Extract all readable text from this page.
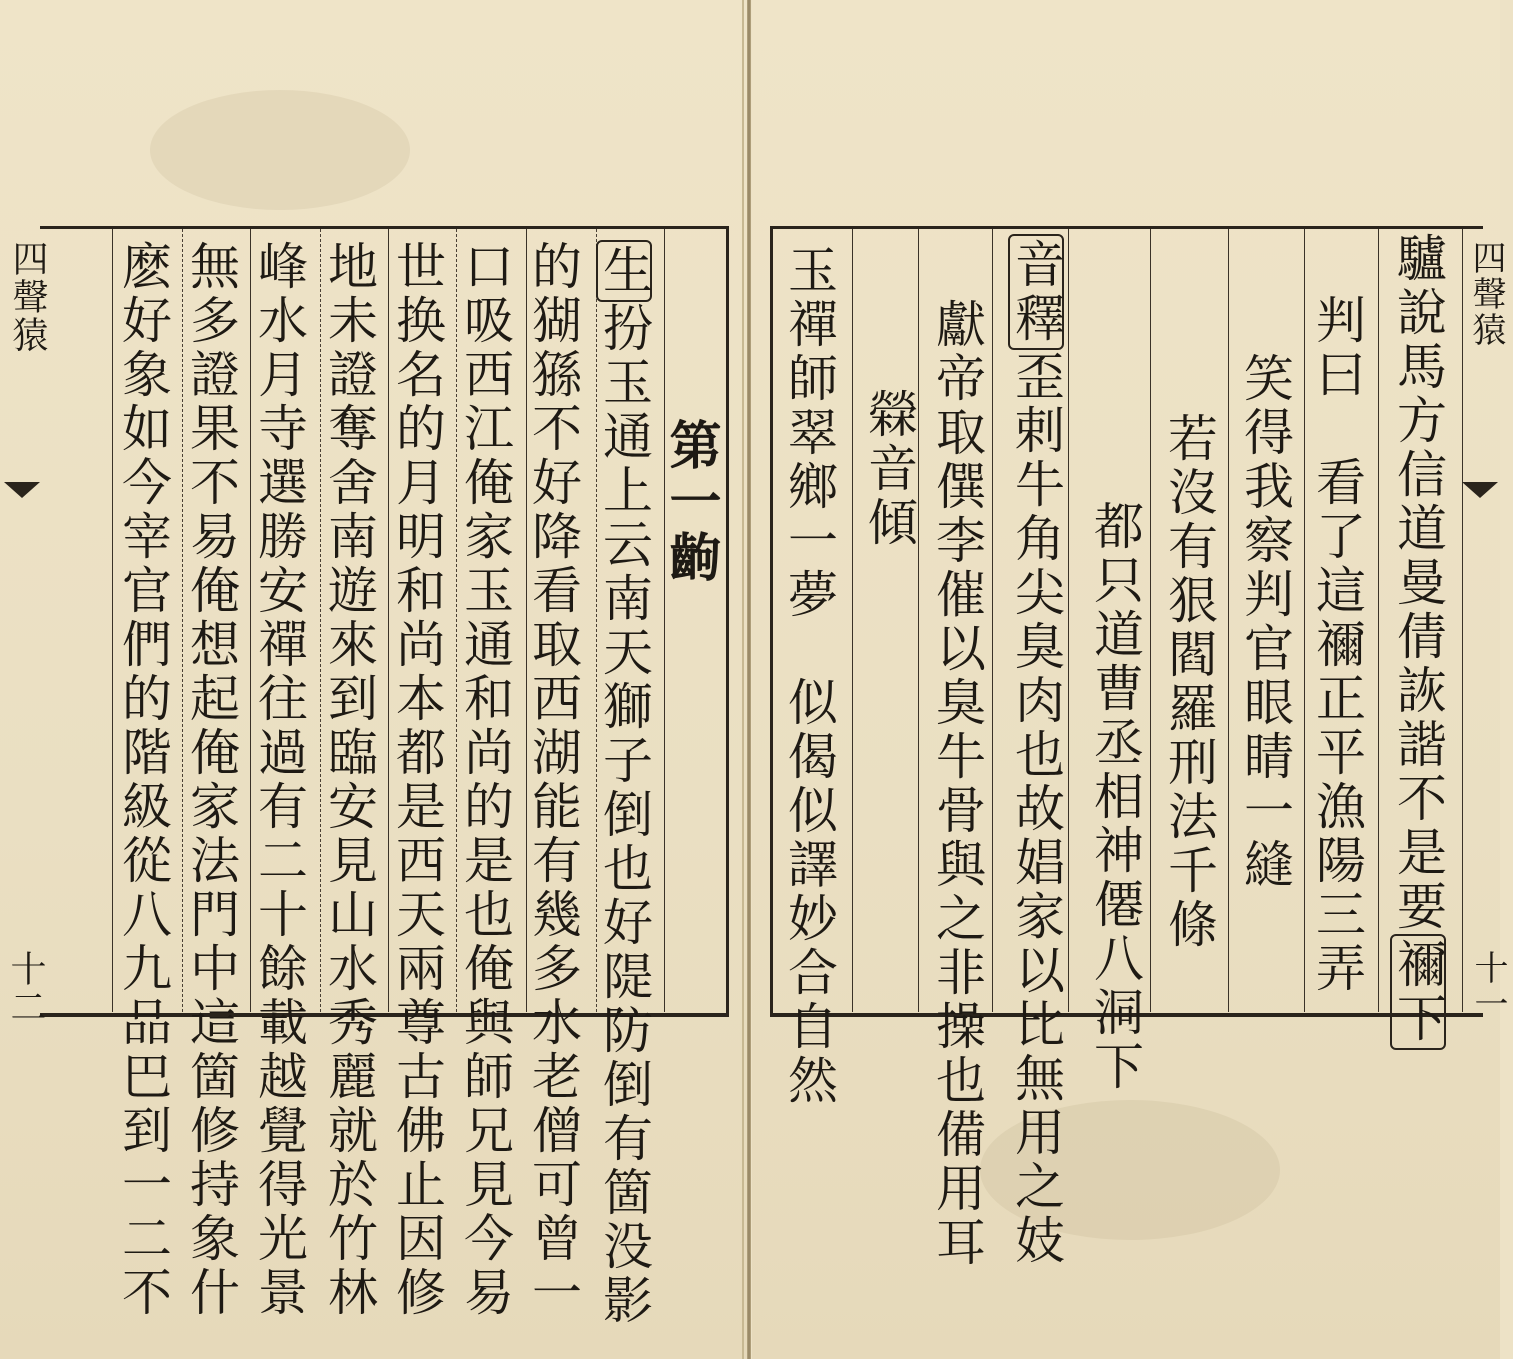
四聲猿

十二

第一齣

生扮玉通上云南天獅子倒也好隄防倒有箇没影

的猢猻不好降看取西湖能有幾多水老僧可曾一

口吸西江俺家玉通和尚的是也俺與師兄見今易

世换名的月明和尚本都是西天兩尊古佛止因修

地未證奪舍南遊來到臨安見山水秀麗就於竹林

峰水月寺選勝安禪往過有二十餘載越覺得光景

無多證果不易俺想起俺家法門中這箇修持象什

麽好象如今宰官們的階級從八九品巴到一二不	驢說馬方信道曼倩詼諧不是要禰下

判曰　看了這禰正平漁陽三弄

笑得我察判官眼睛一縫

若沒有狠閻羅刑法千條

都只道曹丞相神僊八洞下
音釋歪剌牛角尖臭肉也故娼家以比無用之妓

獻帝取僎李催以臭牛骨與之非操也備用耳

檾音傾

玉禪師翠鄉一夢　似偈似譯妙合自然	四聲猿

十一
